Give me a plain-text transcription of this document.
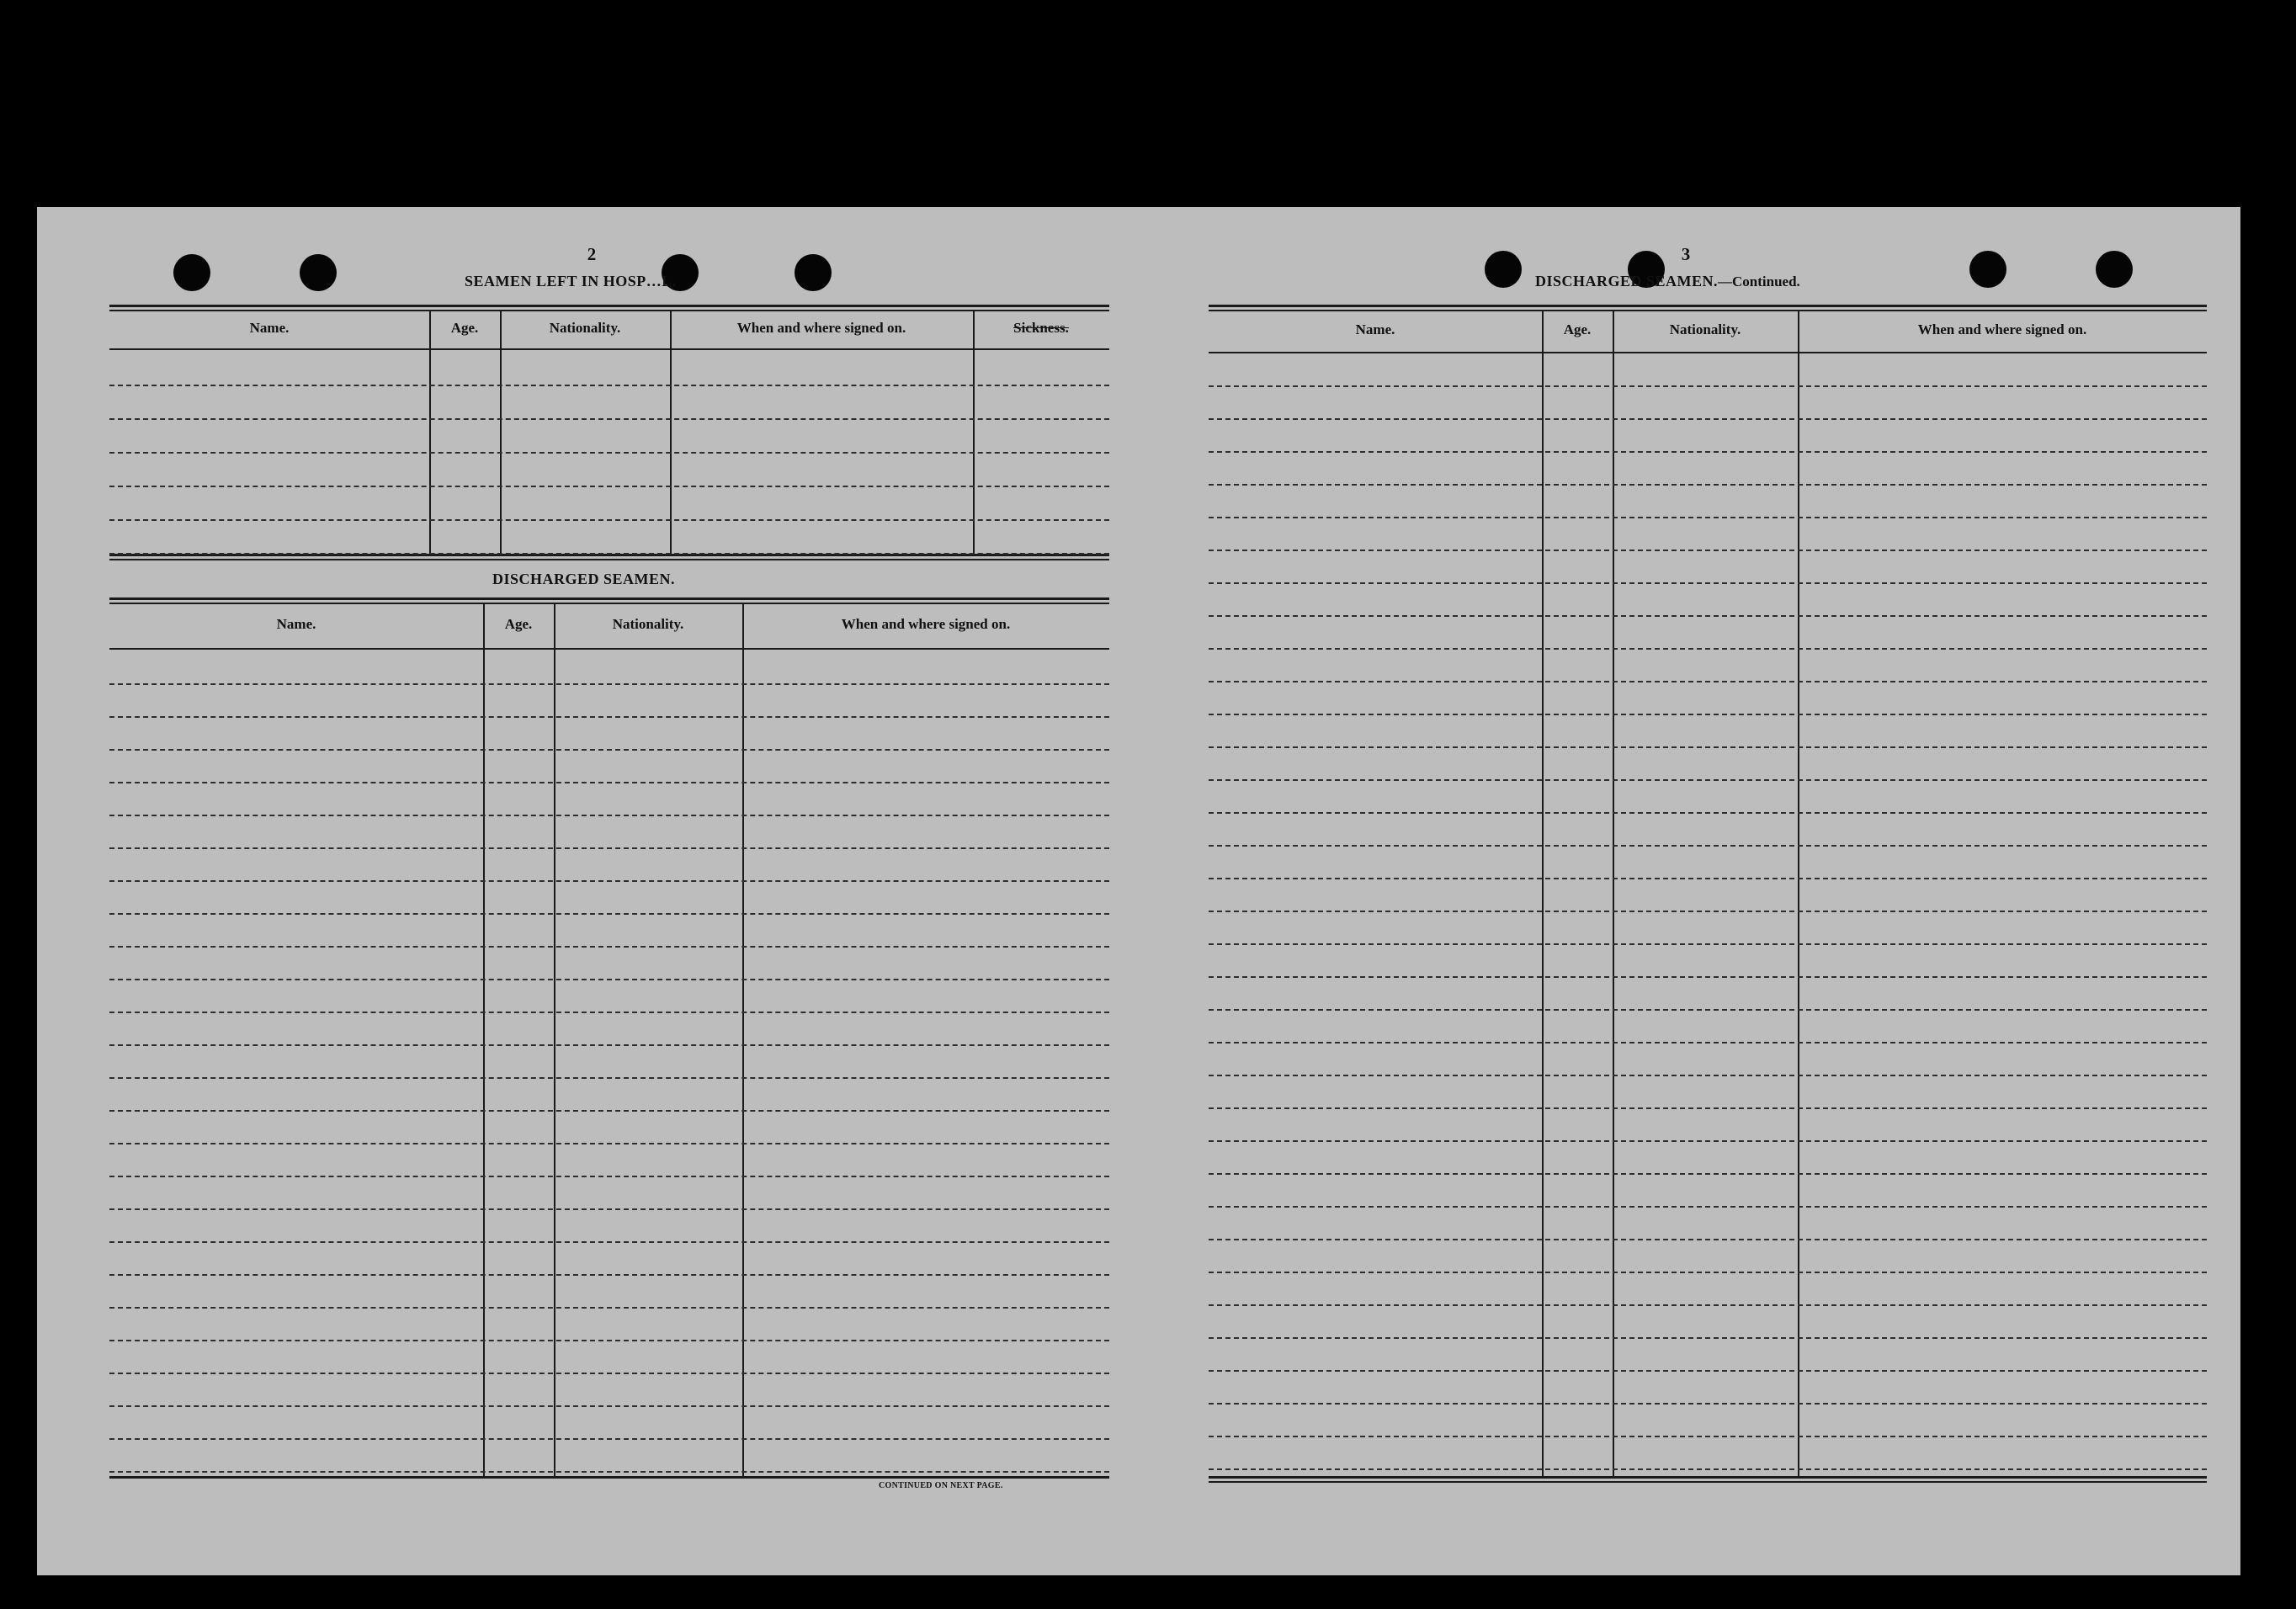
2
SEAMEN LEFT IN HOSP…L.
Name.	Age.	Nationality.	When and where signed on.	Sickness.
DISCHARGED SEAMEN.
Name.	Age.	Nationality.	When and where signed on.
CONTINUED ON NEXT PAGE.
3
DISCHARGED SEAMEN.—Continued.
Name.	Age.	Nationality.	When and where signed on.
